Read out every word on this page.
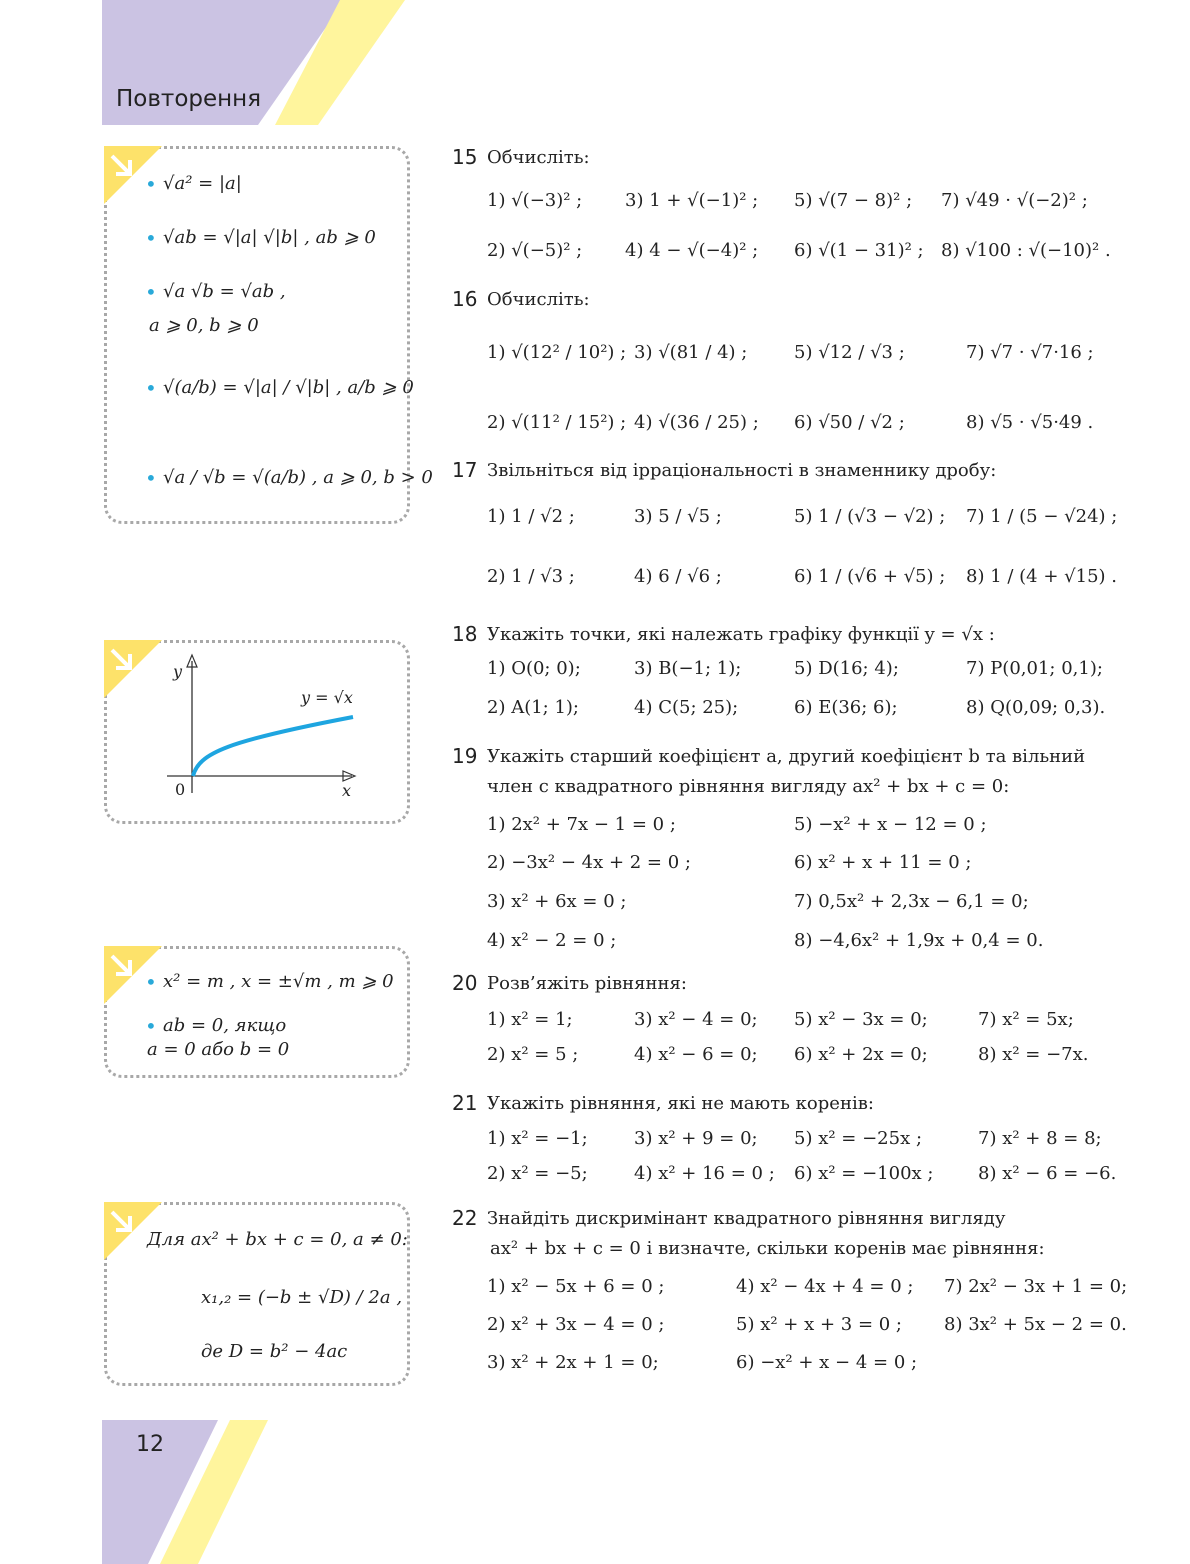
Повторення
12
• √a² = |a|
• √ab = √|a| √|b| , ab ⩾ 0
• √a √b = √ab ,
a ⩾ 0, b ⩾ 0
• √(a/b) = √|a| / √|b| , a/b ⩾ 0
• √a / √b = √(a/b) , a ⩾ 0, b > 0
y
x
0
y = √x
• x² = m , x = ±√m , m ⩾ 0
• ab = 0, якщо
a = 0 або b = 0
Для ax² + bx + c = 0, a ≠ 0:
x₁,₂ = (−b ± √D) / 2a ,
де D = b² − 4ac
15 Обчисліть:
1) √(−3)² ; 3) 1 + √(−1)² ; 5) √(7 − 8)² ; 7) √49 · √(−2)² ;
2) √(−5)² ; 4) 4 − √(−4)² ; 6) √(1 − 31)² ; 8) √100 : √(−10)² .
16 Обчисліть:
1) √(12² / 10²) ; 3) √(81 / 4) ;	5) √12 / √3 ;	7) √7 · √7·16 ;
2) √(11² / 15²) ; 4) √(36 / 25) ; 6) √50 / √2 ;	8) √5 · √5·49 .
17 Звільніться від ірраціональності в знаменнику дробу:
1) 1 / √2 ;	3) 5 / √5 ;	5) 1 / (√3 − √2) ; 7) 1 / (5 − √24) ;
2) 1 / √3 ;	4) 6 / √6 ;	6) 1 / (√6 + √5) ; 8) 1 / (4 + √15) .
18 Укажіть точки, які належать графіку функції y = √x :
1) O(0; 0);	3) B(−1; 1);	5) D(16; 4);	7) P(0,01; 0,1);
2) A(1; 1);	4) C(5; 25);	6) E(36; 6);	8) Q(0,09; 0,3).
19 Укажіть старший коефіцієнт a, другий коефіцієнт b та вільний
член c квадратного рівняння вигляду ax² + bx + c = 0:
1) 2x² + 7x − 1 = 0 ;	5) −x² + x − 12 = 0 ;
2) −3x² − 4x + 2 = 0 ;	6) x² + x + 11 = 0 ;
3) x² + 6x = 0 ;	7) 0,5x² + 2,3x − 6,1 = 0;
4) x² − 2 = 0 ;	8) −4,6x² + 1,9x + 0,4 = 0.
20 Розв’яжіть рівняння:
1) x² = 1;	3) x² − 4 = 0; 5) x² − 3x = 0;	7) x² = 5x;
2) x² = 5 ;	4) x² − 6 = 0; 6) x² + 2x = 0;	8) x² = −7x.
21 Укажіть рівняння, які не мають коренів:
1) x² = −1;	3) x² + 9 = 0; 5) x² = −25x ;	7) x² + 8 = 8;
2) x² = −5;	4) x² + 16 = 0 ; 6) x² = −100x ; 8) x² − 6 = −6.
22 Знайдіть дискримінант квадратного рівняння вигляду
ax² + bx + c = 0 і визначте, скільки коренів має рівняння:
1) x² − 5x + 6 = 0 ;	4) x² − 4x + 4 = 0 ; 7) 2x² − 3x + 1 = 0;
2) x² + 3x − 4 = 0 ;	5) x² + x + 3 = 0 ; 8) 3x² + 5x − 2 = 0.
3) x² + 2x + 1 = 0;	6) −x² + x − 4 = 0 ;
